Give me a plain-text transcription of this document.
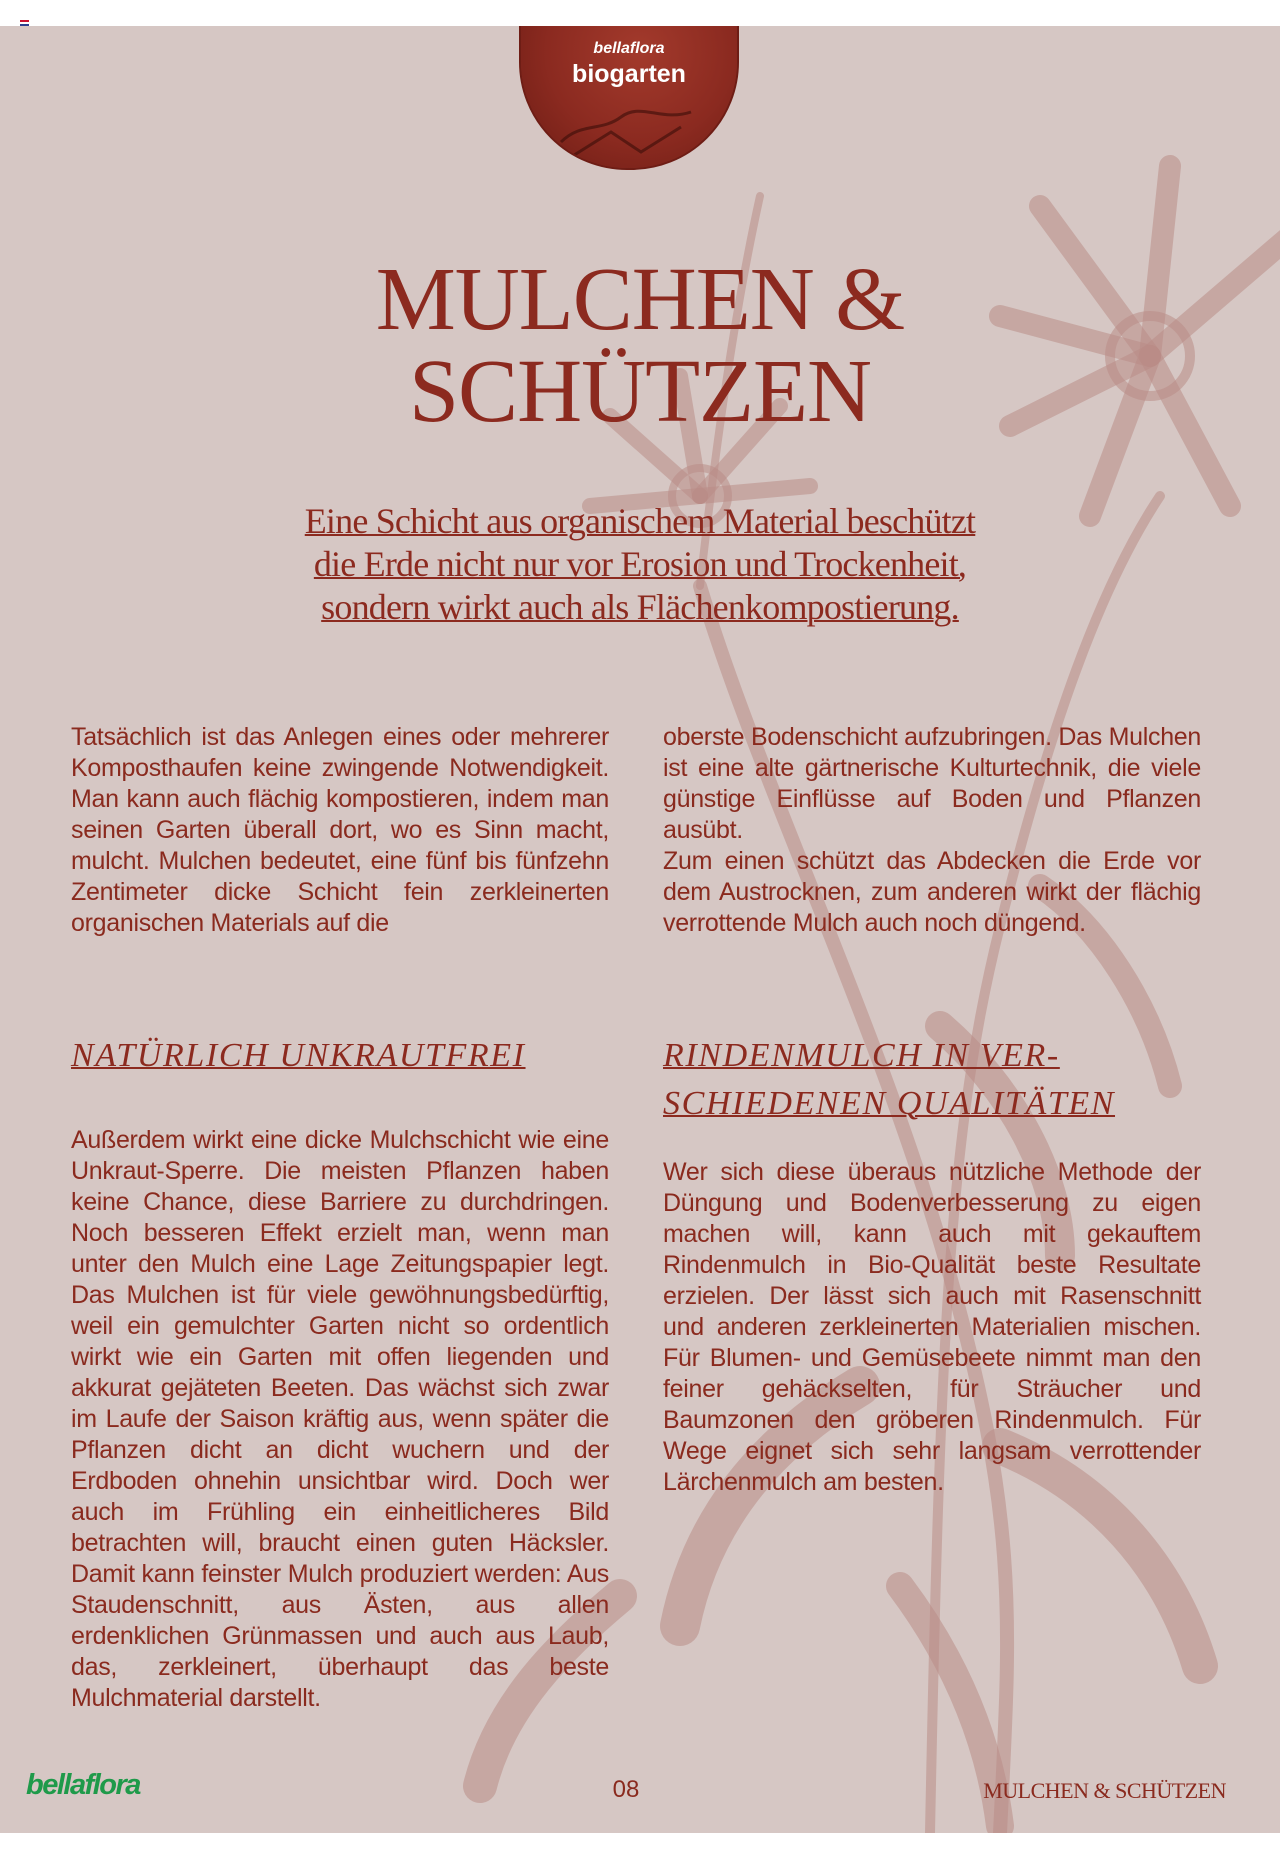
bellaflora
biogarten
MULCHEN &
SCHÜTZEN
Eine Schicht aus organischem Material beschützt
die Erde nicht nur vor Erosion und Trockenheit,
sondern wirkt auch als Flächenkompostierung.

Tatsächlich ist das Anlegen eines oder mehrerer Komposthaufen keine zwingende Notwendigkeit. Man kann auch flächig kompostieren, indem man seinen Garten überall dort, wo es Sinn macht, mulcht. Mulchen bedeutet, eine fünf bis fünfzehn Zentimeter dicke Schicht fein zerkleinerten organischen Materials auf die

oberste Bodenschicht aufzubringen. Das Mulchen ist eine alte gärtnerische Kulturtechnik, die viele günstige Einflüsse auf Boden und Pflanzen ausübt.

Zum einen schützt das Abdecken die Erde vor dem Austrocknen, zum anderen wirkt der flächig verrottende Mulch auch noch düngend.

NATÜRLICH UNKRAUTFREI

Außerdem wirkt eine dicke Mulchschicht wie eine Unkraut-Sperre. Die meisten Pflanzen haben keine Chance, diese Barriere zu durchdringen. Noch besseren Effekt erzielt man, wenn man unter den Mulch eine Lage Zeitungspapier legt. Das Mulchen ist für viele gewöhnungsbedürftig, weil ein gemulchter Garten nicht so ordentlich wirkt wie ein Garten mit offen liegenden und akkurat gejäteten Beeten. Das wächst sich zwar im Laufe der Saison kräftig aus, wenn später die Pflanzen dicht an dicht wuchern und der Erdboden ohnehin unsichtbar wird. Doch wer auch im Frühling ein einheitlicheres Bild betrachten will, braucht einen guten Häcksler. Damit kann feinster Mulch produziert werden: Aus Staudenschnitt, aus Ästen, aus allen erdenklichen Grünmassen und auch aus Laub, das, zerkleinert, überhaupt das beste Mulchmaterial darstellt.

RINDENMULCH IN VER-
SCHIEDENEN QUALITÄTEN

Wer sich diese überaus nützliche Methode der Düngung und Bodenverbesserung zu eigen machen will, kann auch mit gekauftem Rindenmulch in Bio-Qualität beste Resultate erzielen. Der lässt sich auch mit Rasenschnitt und anderen zerkleinerten Materialien mischen. Für Blumen- und Gemüsebeete nimmt man den feiner gehäckselten, für Sträucher und Baumzonen den gröberen Rindenmulch. Für Wege eignet sich sehr langsam verrottender Lärchenmulch am besten.

bellaflora	08	MULCHEN & SCHÜTZEN
